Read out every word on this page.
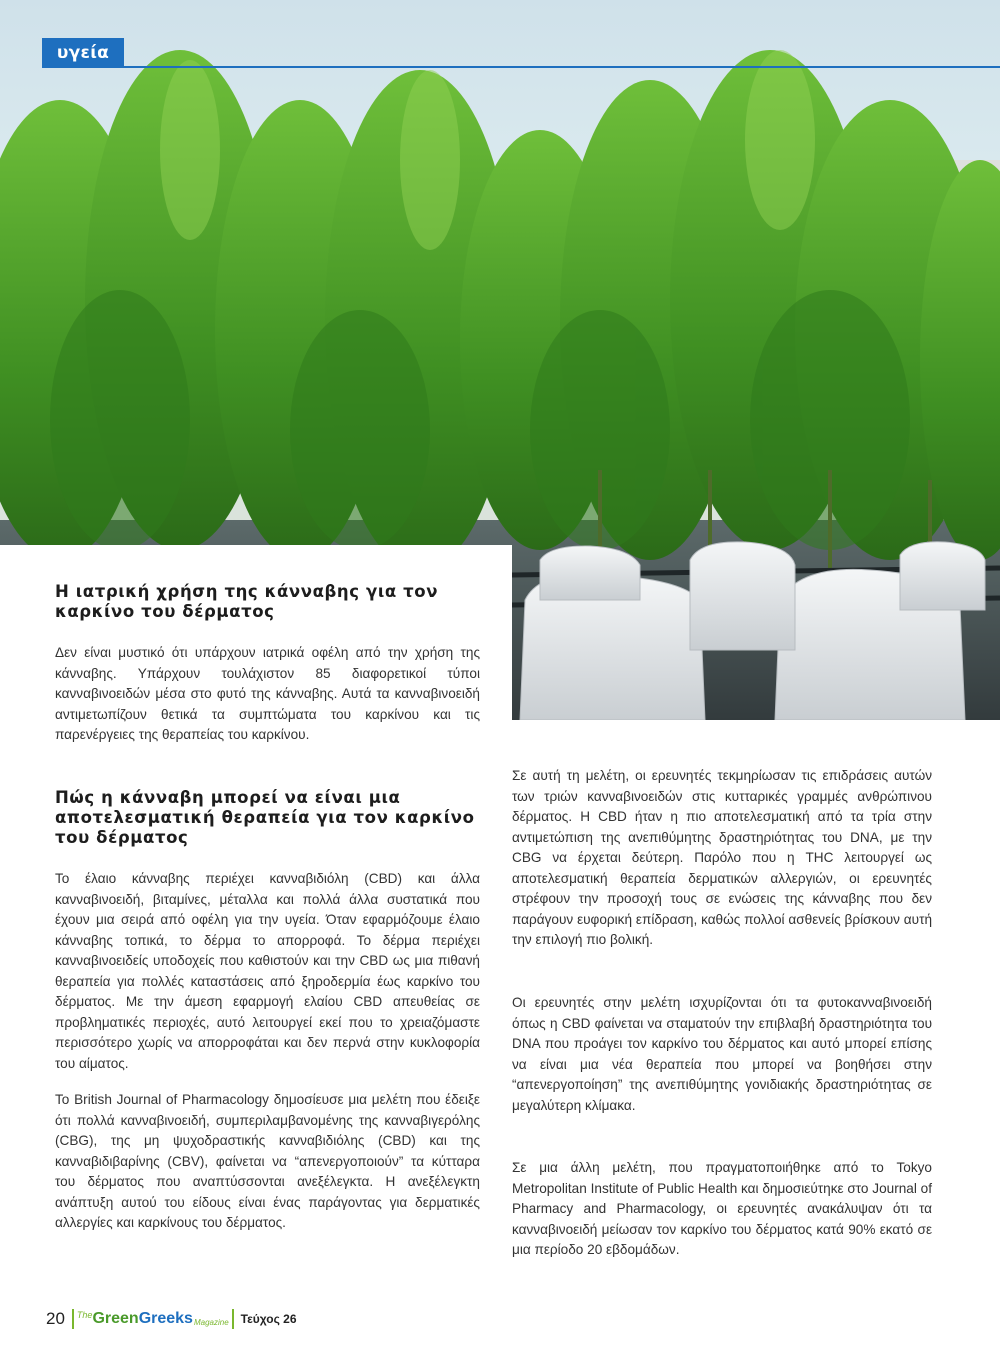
υγεία
Η ιατρική χρήση της κάνναβης για τον καρκίνο του δέρματος

Δεν είναι μυστικό ότι υπάρχουν ιατρικά οφέλη από την χρήση της κάνναβης. Υπάρχουν τουλάχιστον 85 διαφορετικοί τύποι κανναβινοειδών μέσα στο φυτό της κάνναβης. Αυτά τα κανναβινοειδή αντιμετωπίζουν θετικά τα συμπτώματα του καρκίνου και τις παρενέργειες της θεραπείας του καρκίνου.

Πώς η κάνναβη μπορεί να είναι μια αποτελεσματική θεραπεία για τον καρκίνο του δέρματος

Το έλαιο κάνναβης περιέχει κανναβιδιόλη (CBD) και άλλα κανναβινοειδή, βιταμίνες, μέταλλα και πολλά άλλα συστατικά που έχουν μια σειρά από οφέλη για την υγεία. Όταν εφαρμόζουμε έλαιο κάνναβης τοπικά, το δέρμα το απορροφά. Το δέρμα περιέχει κανναβινοειδείς υποδοχείς που καθιστούν και την CBD ως μια πιθανή θεραπεία για πολλές καταστάσεις από ξηροδερμία έως καρκίνο του δέρματος. Με την άμεση εφαρμογή ελαίου CBD απευθείας σε προβληματικές περιοχές, αυτό λειτουργεί εκεί που το χρειαζόμαστε περισσότερο χωρίς να απορροφάται και δεν περνά στην κυκλοφορία του αίματος.

Το British Journal of Pharmacology δημοσίευσε μια μελέτη που έδειξε ότι πολλά κανναβινοειδή, συμπεριλαμβανομένης της κανναβιγερόλης (CBG), της μη ψυχοδραστικής κανναβιδιόλης (CBD) και της κανναβιδιβαρίνης (CBV), φαίνεται να “απενεργοποιούν” τα κύτταρα του δέρματος που αναπτύσσονται ανεξέλεγκτα. Η ανεξέλεγκτη ανάπτυξη αυτού του είδους είναι ένας παράγοντας για δερματικές αλλεργίες και καρκίνους του δέρματος.

Σε αυτή τη μελέτη, οι ερευνητές τεκμηρίωσαν τις επιδράσεις αυτών των τριών κανναβινοειδών στις κυτταρικές γραμμές ανθρώπινου δέρματος. Η CBD ήταν η πιο αποτελεσματική από τα τρία στην αντιμετώπιση της ανεπιθύμητης δραστηριότητας του DNA, με την CBG να έρχεται δεύτερη. Παρόλο που η THC λειτουργεί ως αποτελεσματική θεραπεία δερματικών αλλεργιών, οι ερευνητές στρέφουν την προσοχή τους σε ενώσεις της κάνναβης που δεν παράγουν ευφορική επίδραση, καθώς πολλοί ασθενείς βρίσκουν αυτή την επιλογή πιο βολική.

Οι ερευνητές στην μελέτη ισχυρίζονται ότι τα φυτοκανναβινοειδή όπως η CBD φαίνεται να σταματούν την επιβλαβή δραστηριότητα του DNA που προάγει τον καρκίνο του δέρματος και αυτό μπορεί επίσης να είναι μια νέα θεραπεία που μπορεί να βοηθήσει στην “απενεργοποίηση” της ανεπιθύμητης γονιδιακής δραστηριότητας σε μεγαλύτερη κλίμακα.

Σε μια άλλη μελέτη, που πραγματοποιήθηκε από το Tokyo Metropolitan Institute of Public Health και δημοσιεύτηκε στο Journal of Pharmacy and Pharmacology, οι ερευνητές ανακάλυψαν ότι τα κανναβινοειδή μείωσαν τον καρκίνο του δέρματος κατά 90% εκατό σε μια περίοδο 20 εβδομάδων.

20 The Green Greeks Magazine Τεύχος 26
